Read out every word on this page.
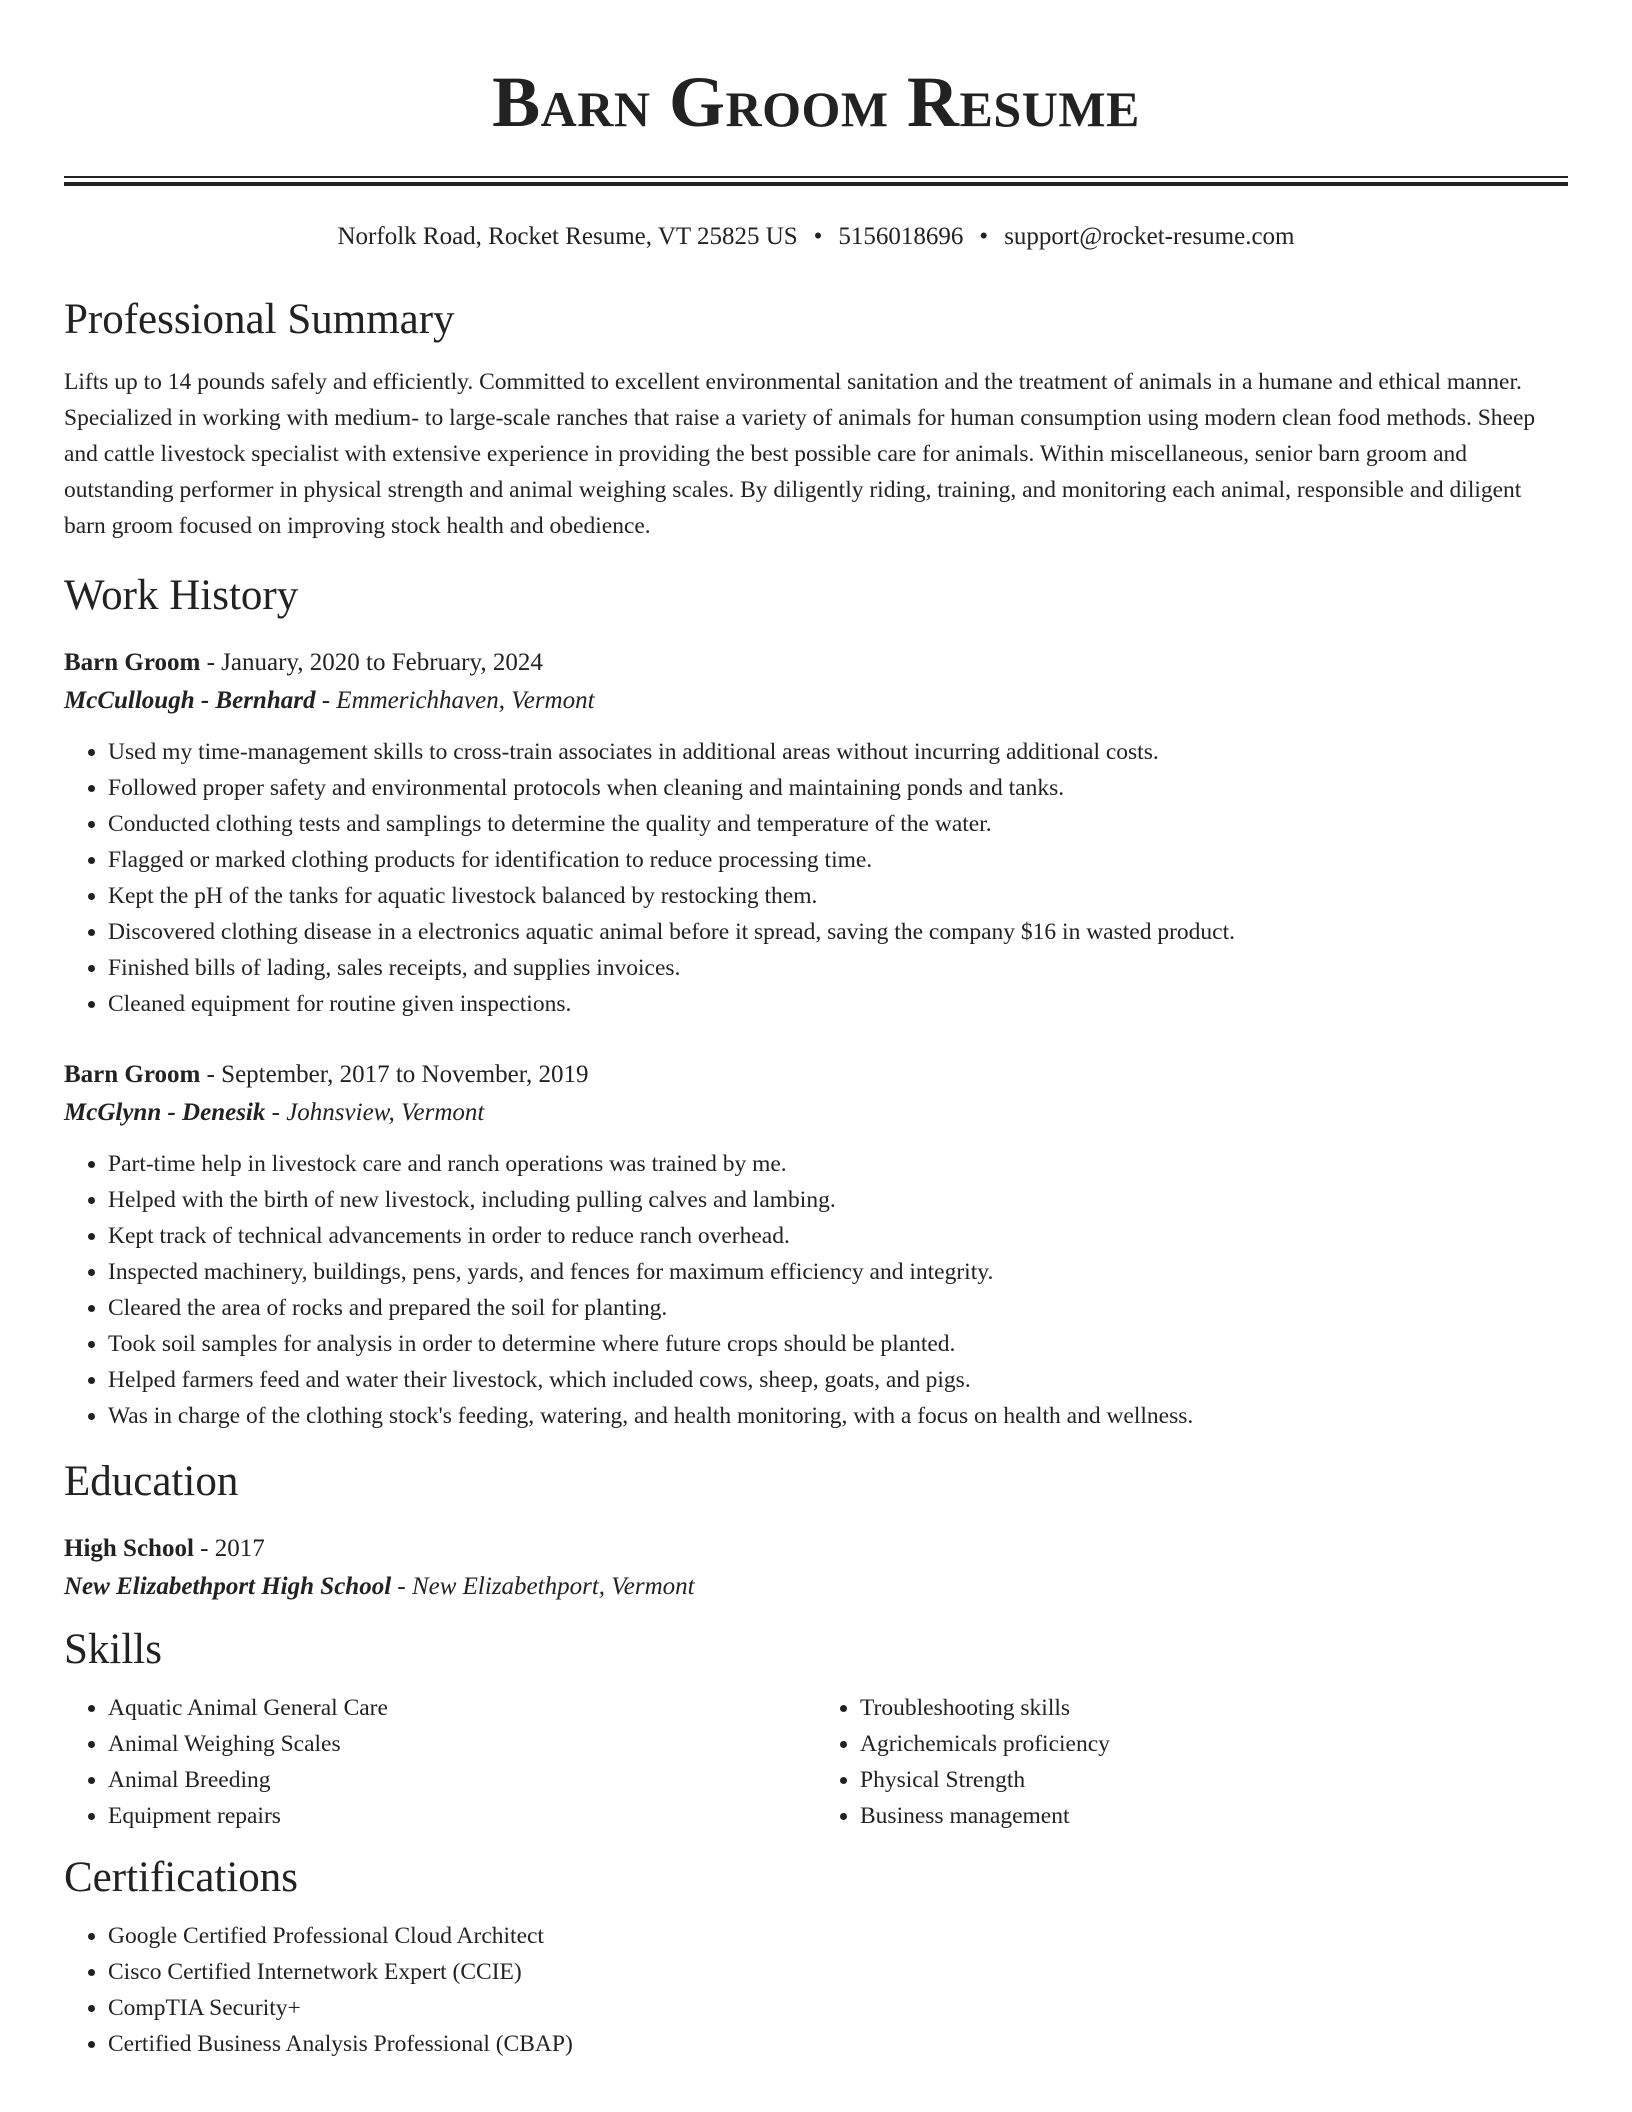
Barn Groom Resume
Norfolk Road, Rocket Resume, VT 25825 US • 5156018696 • support@rocket-resume.com
Professional Summary

Lifts up to 14 pounds safely and efficiently. Committed to excellent environmental sanitation and the treatment of animals in a humane and ethical manner. Specialized in working with medium- to large-scale ranches that raise a variety of animals for human consumption using modern clean food methods. Sheep and cattle livestock specialist with extensive experience in providing the best possible care for animals. Within miscellaneous, senior barn groom and outstanding performer in physical strength and animal weighing scales. By diligently riding, training, and monitoring each animal, responsible and diligent barn groom focused on improving stock health and obedience.

Work History
Barn Groom - January, 2020 to February, 2024
McCullough - Bernhard - Emmerichhaven, Vermont
• Used my time-management skills to cross-train associates in additional areas without incurring additional costs.
• Followed proper safety and environmental protocols when cleaning and maintaining ponds and tanks.
• Conducted clothing tests and samplings to determine the quality and temperature of the water.
• Flagged or marked clothing products for identification to reduce processing time.
• Kept the pH of the tanks for aquatic livestock balanced by restocking them.
• Discovered clothing disease in a electronics aquatic animal before it spread, saving the company $16 in wasted product.
• Finished bills of lading, sales receipts, and supplies invoices.
• Cleaned equipment for routine given inspections.
Barn Groom - September, 2017 to November, 2019
McGlynn - Denesik - Johnsview, Vermont
• Part-time help in livestock care and ranch operations was trained by me.
• Helped with the birth of new livestock, including pulling calves and lambing.
• Kept track of technical advancements in order to reduce ranch overhead.
• Inspected machinery, buildings, pens, yards, and fences for maximum efficiency and integrity.
• Cleared the area of rocks and prepared the soil for planting.
• Took soil samples for analysis in order to determine where future crops should be planted.
• Helped farmers feed and water their livestock, which included cows, sheep, goats, and pigs.
• Was in charge of the clothing stock's feeding, watering, and health monitoring, with a focus on health and wellness.
Education
High School - 2017
New Elizabethport High School - New Elizabethport, Vermont
Skills
• Aquatic Animal General Care
• Animal Weighing Scales
• Animal Breeding
• Equipment repairs
• Troubleshooting skills
• Agrichemicals proficiency
• Physical Strength
• Business management
Certifications
• Google Certified Professional Cloud Architect
• Cisco Certified Internetwork Expert (CCIE)
• CompTIA Security+
• Certified Business Analysis Professional (CBAP)
